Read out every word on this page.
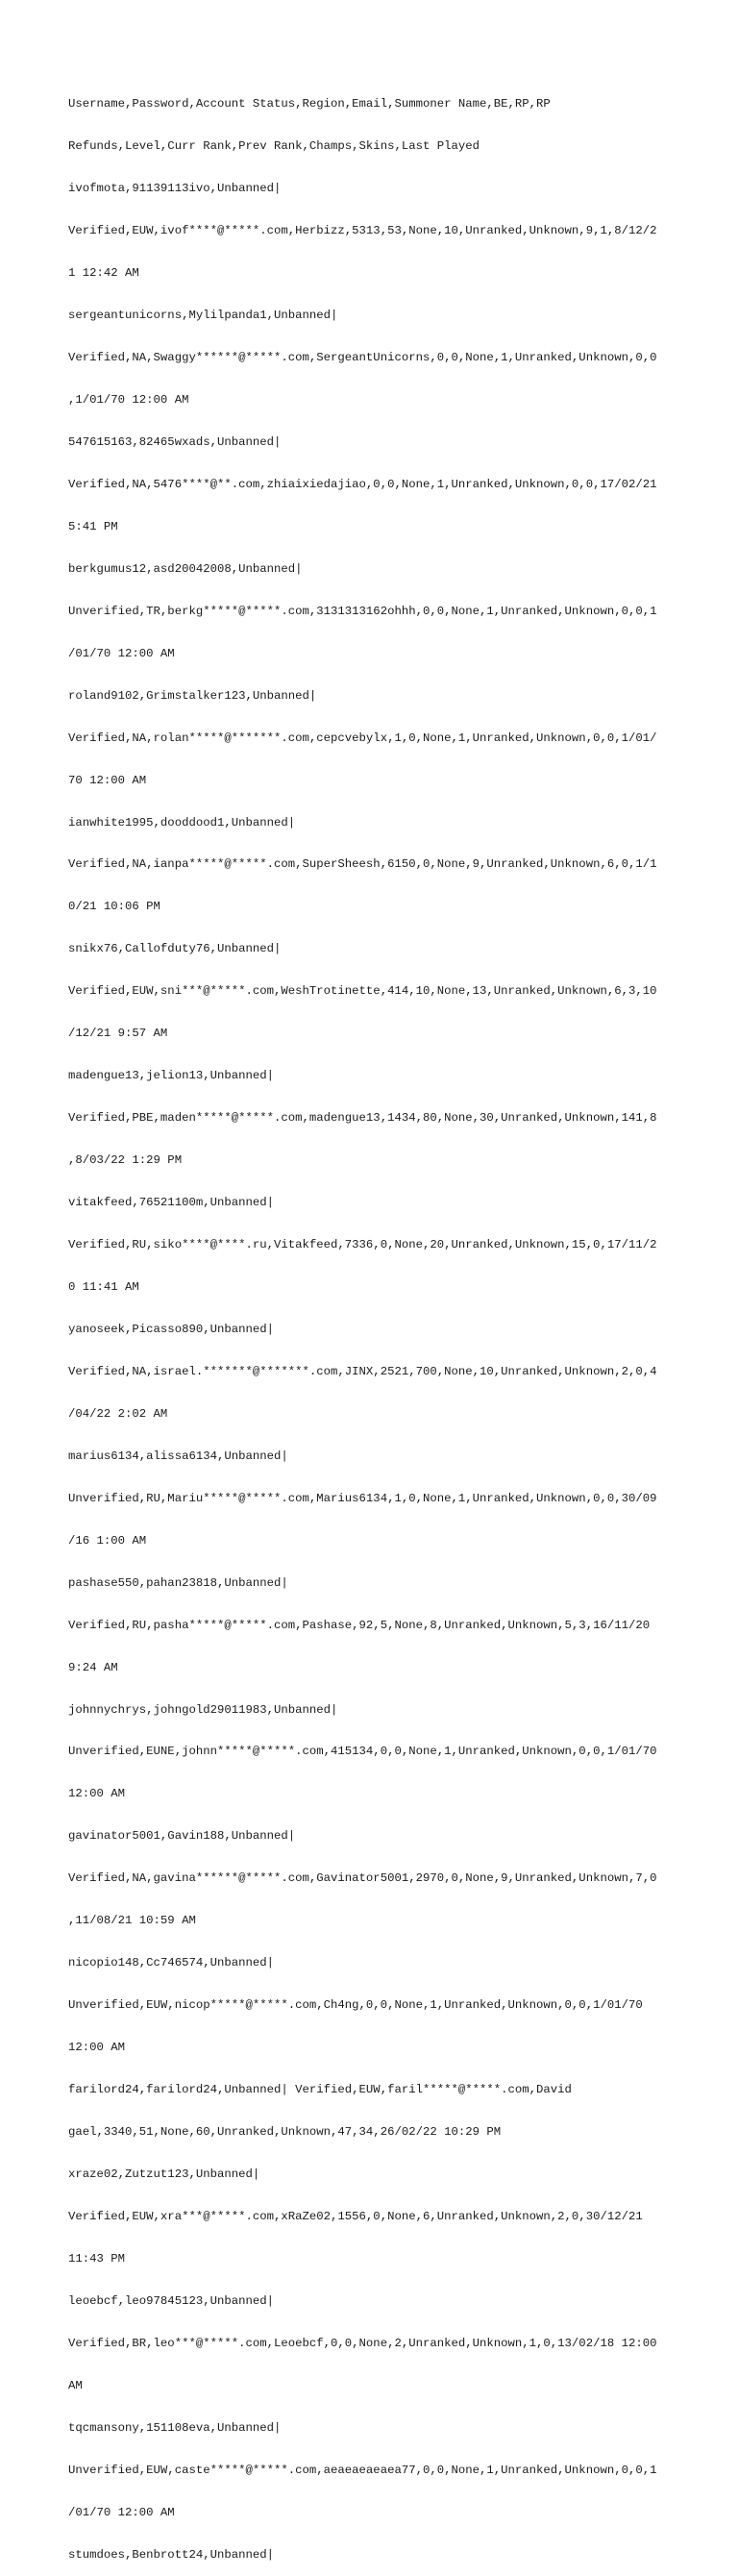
Username,Password,Account Status,Region,Email,Summoner Name,BE,RP,RP

Refunds,Level,Curr Rank,Prev Rank,Champs,Skins,Last Played

ivofmota,91139113ivo,Unbanned|

Verified,EUW,ivof****@*****.com,Herbizz,5313,53,None,10,Unranked,Unknown,9,1,8/12/2

1 12:42 AM

sergeantunicorns,Mylilpanda1,Unbanned|

Verified,NA,Swaggy******@*****.com,SergeantUnicorns,0,0,None,1,Unranked,Unknown,0,0

,1/01/70 12:00 AM

547615163,82465wxads,Unbanned|

Verified,NA,5476****@**.com,zhiaixiedajiao,0,0,None,1,Unranked,Unknown,0,0,17/02/21

5:41 PM

berkgumus12,asd20042008,Unbanned|

Unverified,TR,berkg*****@*****.com,3131313162ohhh,0,0,None,1,Unranked,Unknown,0,0,1

/01/70 12:00 AM

roland9102,Grimstalker123,Unbanned|

Verified,NA,rolan*****@*******.com,cepcvebylx,1,0,None,1,Unranked,Unknown,0,0,1/01/

70 12:00 AM

ianwhite1995,dooddood1,Unbanned|

Verified,NA,ianpa*****@*****.com,SuperSheesh,6150,0,None,9,Unranked,Unknown,6,0,1/1

0/21 10:06 PM

snikx76,Callofduty76,Unbanned|

Verified,EUW,sni***@*****.com,WeshTrotinette,414,10,None,13,Unranked,Unknown,6,3,10

/12/21 9:57 AM

madengue13,jelion13,Unbanned|

Verified,PBE,maden*****@*****.com,madengue13,1434,80,None,30,Unranked,Unknown,141,8

,8/03/22 1:29 PM

vitakfeed,76521100m,Unbanned|

Verified,RU,siko****@****.ru,Vitakfeed,7336,0,None,20,Unranked,Unknown,15,0,17/11/2

0 11:41 AM

yanoseek,Picasso890,Unbanned|

Verified,NA,israel.*******@*******.com,JINX,2521,700,None,10,Unranked,Unknown,2,0,4

/04/22 2:02 AM

marius6134,alissa6134,Unbanned|

Unverified,RU,Mariu*****@*****.com,Marius6134,1,0,None,1,Unranked,Unknown,0,0,30/09

/16 1:00 AM

pashase550,pahan23818,Unbanned|

Verified,RU,pasha*****@*****.com,Pashase,92,5,None,8,Unranked,Unknown,5,3,16/11/20

9:24 AM

johnnychrys,johngold29011983,Unbanned|

Unverified,EUNE,johnn*****@*****.com,415134,0,0,None,1,Unranked,Unknown,0,0,1/01/70

12:00 AM

gavinator5001,Gavin188,Unbanned|

Verified,NA,gavina******@*****.com,Gavinator5001,2970,0,None,9,Unranked,Unknown,7,0

,11/08/21 10:59 AM

nicopio148,Cc746574,Unbanned|

Unverified,EUW,nicop*****@*****.com,Ch4ng,0,0,None,1,Unranked,Unknown,0,0,1/01/70

12:00 AM

farilord24,farilord24,Unbanned| Verified,EUW,faril*****@*****.com,David

gael,3340,51,None,60,Unranked,Unknown,47,34,26/02/22 10:29 PM

xraze02,Zutzut123,Unbanned|

Verified,EUW,xra***@*****.com,xRaZe02,1556,0,None,6,Unranked,Unknown,2,0,30/12/21

11:43 PM

leoebcf,leo97845123,Unbanned|

Verified,BR,leo***@*****.com,Leoebcf,0,0,None,2,Unranked,Unknown,1,0,13/02/18 12:00

AM

tqcmansony,151108eva,Unbanned|

Unverified,EUW,caste*****@*****.com,aeaeaeaeaea77,0,0,None,1,Unranked,Unknown,0,0,1

/01/70 12:00 AM

stumdoes,Benbrott24,Unbanned|
